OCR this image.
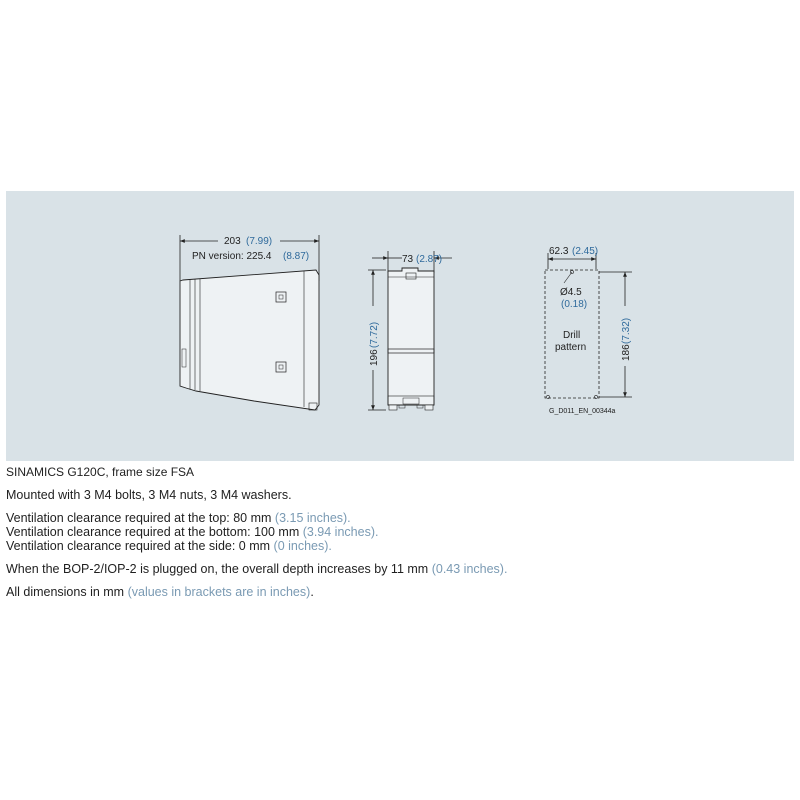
203 (7.99)
PN version: 225.4 (8.87)	73 (2.87)
196
(7.72)
62.3 (2.45)
Ø4.5
(0.18)
Drill
pattern	186
(7.32)
G_D011_EN_00344a

SINAMICS G120C, frame size FSA

Mounted with 3 M4 bolts, 3 M4 nuts, 3 M4 washers.

Ventilation clearance required at the top: 80 mm (3.15 inches).

Ventilation clearance required at the bottom: 100 mm (3.94 inches).

Ventilation clearance required at the side: 0 mm (0 inches).

When the BOP-2/IOP-2 is plugged on, the overall depth increases by 11 mm (0.43 inches).

All dimensions in mm (values in brackets are in inches).
